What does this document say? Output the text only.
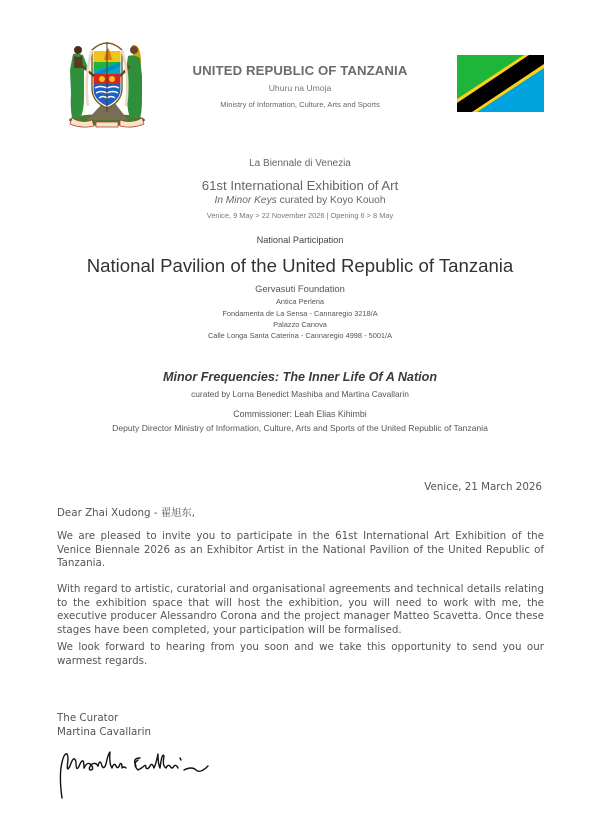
UNITED REPUBLIC OF TANZANIA
Uhuru na Umoja
Ministry of Information, Culture, Arts and Sports
La Biennale di Venezia
61st International Exhibition of Art
In Minor Keys curated by Koyo Kouoh
Venice, 9 May > 22 November 2026 | Opening 6 > 8 May
National Participation
National Pavilion of the United Republic of Tanzania
Gervasuti Foundation
Antica Perleria
Fondamenta de La Sensa - Cannaregio 3218/A
Palazzo Canova
Calle Longa Santa Caterina - Cannaregio 4998 - 5001/A
Minor Frequencies: The Inner Life Of A Nation
curated by Lorna Benedict Mashiba and Martina Cavallarin
Commissioner: Leah Elias Kihimbi
Deputy Director Ministry of Information, Culture, Arts and Sports of the United Republic of Tanzania
Venice, 21 March 2026
Dear Zhai Xudong - 翟旭东,
We are pleased to invite you to participate in the 61st International Art Exhibition of the Venice Biennale 2026 as an Exhibitor Artist in the National Pavilion of the United Republic of Tanzania.
With regard to artistic, curatorial and organisational agreements and technical details relating to the exhibition space that will host the exhibition, you will need to work with me, the executive producer Alessandro Corona and the project manager Matteo Scavetta. Once these stages have been completed, your participation will be formalised.
We look forward to hearing from you soon and we take this opportunity to send you our warmest regards.
The Curator
Martina Cavallarin
